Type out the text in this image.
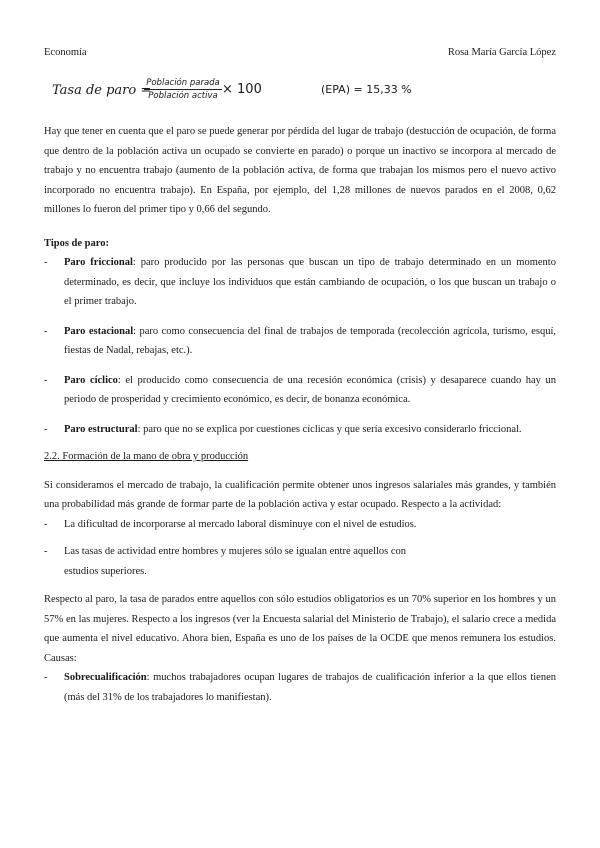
Economía	Rosa María García López
Tasa de paro =
Población parada
Población activa × 100	(EPA) = 15,33 %

Hay que tener en cuenta que el paro se puede generar por pérdida del lugar de trabajo (destucción de ocupación, de forma que dentro de la población activa un ocupado se convierte en parado) o porque un inactivo se incorpora al mercado de trabajo y no encuentra trabajo (aumento de la población activa, de forma que trabajan los mismos pero el nuevo activo incorporado no encuentra trabajo). En España, por ejemplo, del 1,28 millones de nuevos parados en el 2008, 0,62 millones lo fueron del primer tipo y 0,66 del segundo.

Tipos de paro:

- Paro friccional: paro producido por las personas que buscan un tipo de trabajo determinado en un momento determinado, es decir, que incluye los individuos que están cambiando de ocupación, o los que buscan un trabajo o el primer trabajo.
- Paro estacional: paro como consecuencia del final de trabajos de temporada (recolección agrícola, turismo, esquí, fiestas de Nadal, rebajas, etc.).
- Paro cíclico: el producido como consecuencia de una recesión económica (crisis) y desaparece cuando hay un periodo de prosperidad y crecimiento económico, es decir, de bonanza económica.
- Paro estructural: paro que no se explica por cuestiones cíclicas y que sería excesivo considerarlo friccional.

2.2. Formación de la mano de obra y producción

Si consideramos el mercado de trabajo, la cualificación permite obtener unos ingresos salariales más grandes, y también una probabilidad más grande de formar parte de la población activa y estar ocupado. Respecto a la actividad:

- La dificultad de incorporarse al mercado laboral disminuye con el nivel de estudios.
- Las tasas de actividad entre hombres y mujeres sólo se igualan entre aquellos con
estudios superiores.

Respecto al paro, la tasa de parados entre aquellos con sólo estudios obligatorios es un 70% superior en los hombres y un 57% en las mujeres. Respecto a los ingresos (ver la Encuesta salarial del Ministerio de Trabajo), el salario crece a medida que aumenta el nivel educativo. Ahora bien, España es uno de los países de la OCDE que menos remunera los estudios. Causas:

- Sobrecualificación: muchos trabajadores ocupan lugares de trabajos de cualificación inferior a la que ellos tienen (más del 31% de los trabajadores lo manifiestan).
